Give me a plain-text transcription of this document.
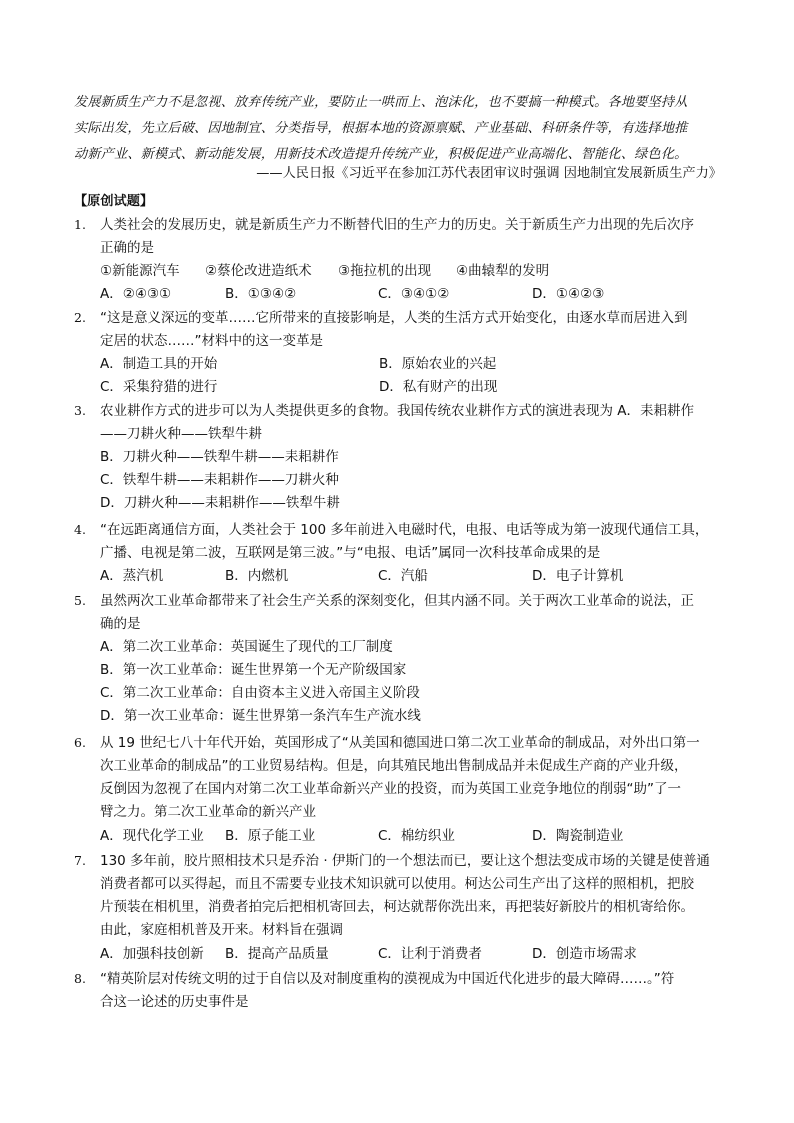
发展新质生产力不是忽视、放弃传统产业，要防止一哄而上、泡沫化，也不要搞一种模式。各地要坚持从
实际出发，先立后破、因地制宜、分类指导，根据本地的资源禀赋、产业基础、科研条件等，有选择地推
动新产业、新模式、新动能发展，用新技术改造提升传统产业，积极促进产业高端化、智能化、绿色化。
——人民日报《习近平在参加江苏代表团审议时强调 因地制宜发展新质生产力》
【原创试题】
1. 人类社会的发展历史，就是新质生产力不断替代旧的生产力的历史。关于新质生产力出现的先后次序
正确的是
①新能源汽车 ②蔡伦改进造纸术 ③拖拉机的出现 ④曲辕犁的发明
A．②④③①	B．①③④②	C．③④①②	D．①④②③
2. “这是意义深远的变革……它所带来的直接影响是，人类的生活方式开始变化，由逐水草而居进入到
定居的状态……”材料中的这一变革是
A．制造工具的开始	B．原始农业的兴起
C．采集狩猎的进行	D．私有财产的出现
3. 农业耕作方式的进步可以为人类提供更多的食物。我国传统农业耕作方式的演进表现为 A．耒耜耕作
——刀耕火种——铁犁牛耕
B．刀耕火种——铁犁牛耕——耒耜耕作
C．铁犁牛耕——耒耜耕作——刀耕火种
D．刀耕火种——耒耜耕作——铁犁牛耕
4. “在远距离通信方面，人类社会于 100 多年前进入电磁时代，电报、电话等成为第一波现代通信工具，
广播、电视是第二波，互联网是第三波。”与“电报、电话”属同一次科技革命成果的是
A．蒸汽机	B．内燃机	C．汽船	D．电子计算机
5. 虽然两次工业革命都带来了社会生产关系的深刻变化，但其内涵不同。关于两次工业革命的说法，正
确的是
A．第二次工业革命：英国诞生了现代的工厂制度
B．第一次工业革命：诞生世界第一个无产阶级国家
C．第二次工业革命：自由资本主义进入帝国主义阶段
D．第一次工业革命：诞生世界第一条汽车生产流水线
6. 从 19 世纪七八十年代开始，英国形成了“从美国和德国进口第二次工业革命的制成品，对外出口第一
次工业革命的制成品”的工业贸易结构。但是，向其殖民地出售制成品并未促成生产商的产业升级，
反倒因为忽视了在国内对第二次工业革命新兴产业的投资，而为英国工业竞争地位的削弱“助”了一
臂之力。第二次工业革命的新兴产业
A．现代化学工业 B．原子能工业	C．棉纺织业	D．陶瓷制造业
7. 130 多年前，胶片照相技术只是乔治 · 伊斯门的一个想法而已，要让这个想法变成市场的关键是使普通
消费者都可以买得起，而且不需要专业技术知识就可以使用。柯达公司生产出了这样的照相机，把胶
片预装在相机里，消费者拍完后把相机寄回去，柯达就帮你洗出来，再把装好新胶片的相机寄给你。
由此，家庭相机普及开来。材料旨在强调
A．加强科技创新 B．提高产品质量	C．让利于消费者	D．创造市场需求
8. “精英阶层对传统文明的过于自信以及对制度重构的漠视成为中国近代化进步的最大障碍……。”符
合这一论述的历史事件是
